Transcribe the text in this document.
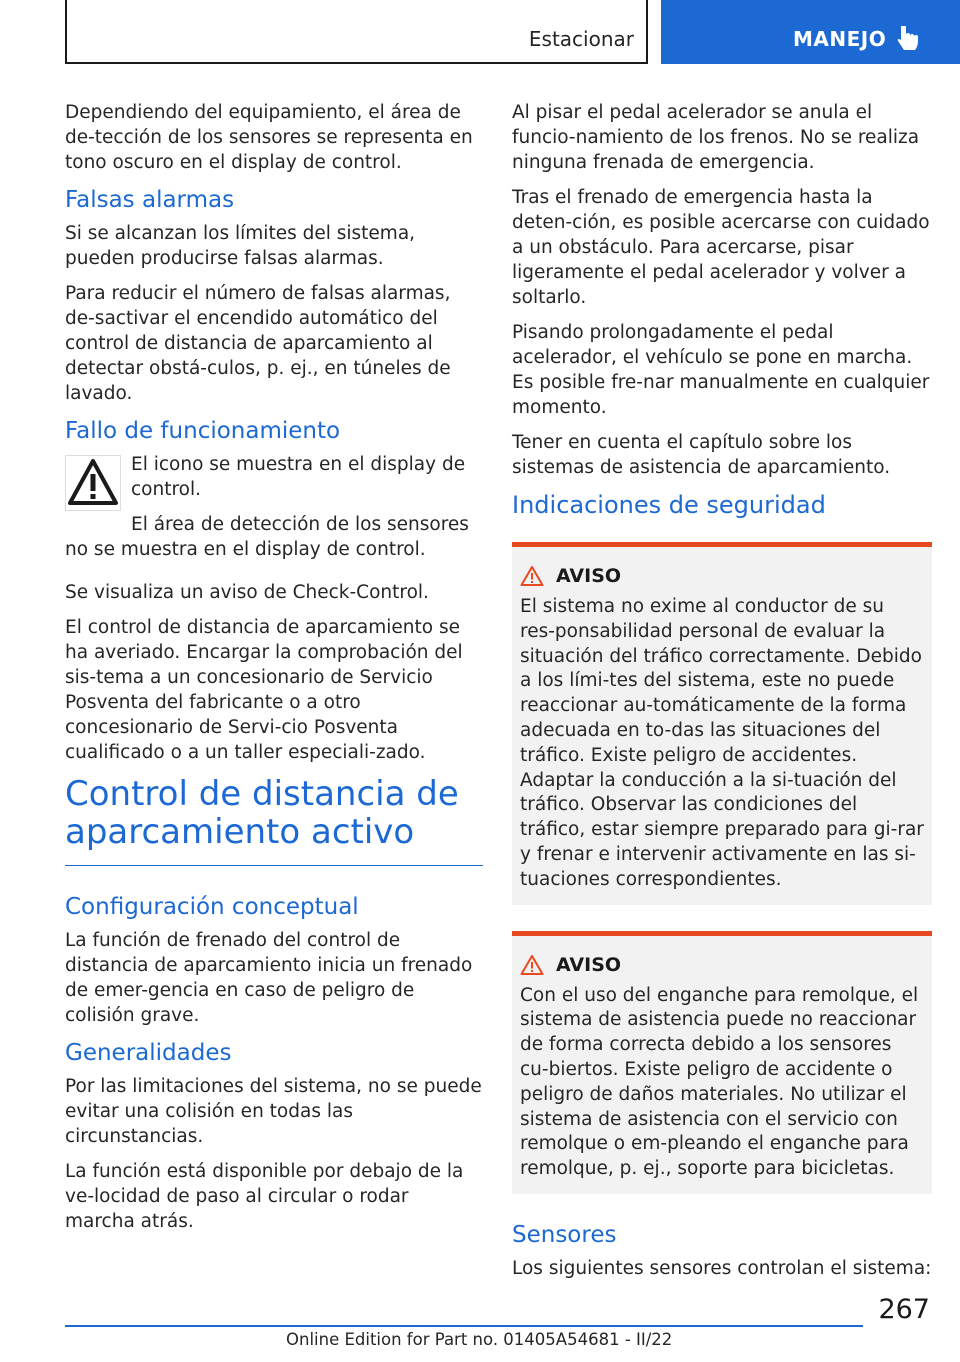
Estacionar	MANEJO

Dependiendo del equipamiento, el área de de-tección de los sensores se representa en tono oscuro en el display de control.

Falsas alarmas

Si se alcanzan los límites del sistema, pueden producirse falsas alarmas.

Para reducir el número de falsas alarmas, de-sactivar el encendido automático del control de distancia de aparcamiento al detectar obstá-culos, p. ej., en túneles de lavado.

Fallo de funcionamiento

El icono se muestra en el display de control.

El área de detección de los sensores no se muestra en el display de control.

Se visualiza un aviso de Check-Control.

El control de distancia de aparcamiento se ha averiado. Encargar la comprobación del sis-tema a un concesionario de Servicio Posventa del fabricante o a otro concesionario de Servi-cio Posventa cualificado o a un taller especiali-zado.

Control de distancia de aparcamiento activo
Configuración conceptual

La función de frenado del control de distancia de aparcamiento inicia un frenado de emer-gencia en caso de peligro de colisión grave.

Generalidades

Por las limitaciones del sistema, no se puede evitar una colisión en todas las circunstancias.

La función está disponible por debajo de la ve-locidad de paso al circular o rodar marcha atrás.

Al pisar el pedal acelerador se anula el funcio-namiento de los frenos. No se realiza ninguna frenada de emergencia.

Tras el frenado de emergencia hasta la deten-ción, es posible acercarse con cuidado a un obstáculo. Para acercarse, pisar ligeramente el pedal acelerador y volver a soltarlo.

Pisando prolongadamente el pedal acelerador, el vehículo se pone en marcha. Es posible fre-nar manualmente en cualquier momento.

Tener en cuenta el capítulo sobre los sistemas de asistencia de aparcamiento.

Indicaciones de seguridad
AVISO

El sistema no exime al conductor de su res-ponsabilidad personal de evaluar la situación del tráfico correctamente. Debido a los lími-tes del sistema, este no puede reaccionar au-tomáticamente de la forma adecuada en to-das las situaciones del tráfico. Existe peligro de accidentes. Adaptar la conducción a la si-tuación del tráfico. Observar las condiciones del tráfico, estar siempre preparado para gi-rar y frenar e intervenir activamente en las si-tuaciones correspondientes.

AVISO

Con el uso del enganche para remolque, el sistema de asistencia puede no reaccionar de forma correcta debido a los sensores cu-biertos. Existe peligro de accidente o peligro de daños materiales. No utilizar el sistema de asistencia con el servicio con remolque o em-pleando el enganche para remolque, p. ej., soporte para bicicletas.

Sensores

Los siguientes sensores controlan el sistema:

267
Online Edition for Part no. 01405A54681 - II/22
